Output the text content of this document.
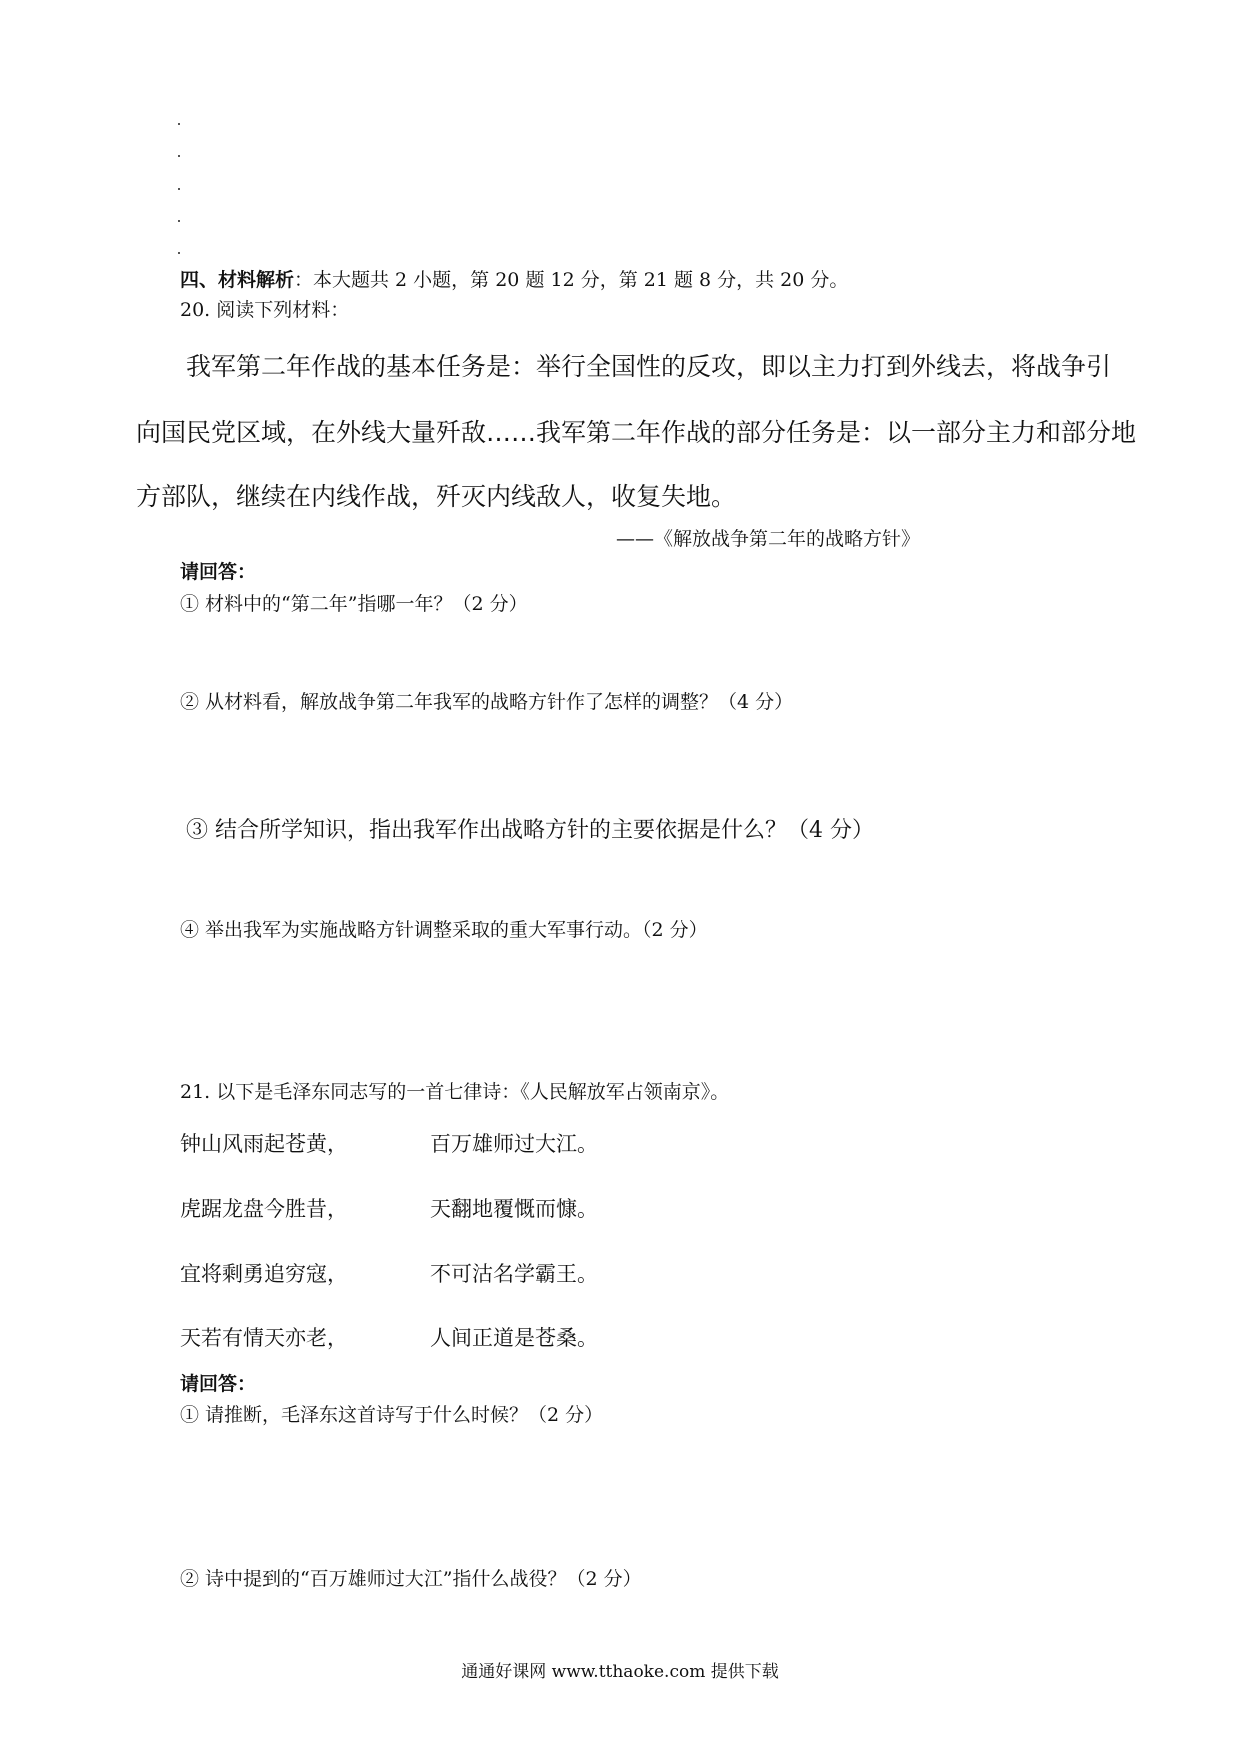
四、材料解析：本大题共 2 小题，第 20 题 12 分，第 21 题 8 分，共 20 分。
20. 阅读下列材料：
我军第二年作战的基本任务是：举行全国性的反攻，即以主力打到外线去，将战争引
向国民党区域，在外线大量歼敌……我军第二年作战的部分任务是：以一部分主力和部分地
方部队，继续在内线作战，歼灭内线敌人，收复失地。
——《解放战争第二年的战略方针》
请回答：
① 材料中的“第二年”指哪一年？（2 分）
② 从材料看，解放战争第二年我军的战略方针作了怎样的调整？（4 分）
③ 结合所学知识，指出我军作出战略方针的主要依据是什么？（4 分）
④ 举出我军为实施战略方针调整采取的重大军事行动。（2 分）
21. 以下是毛泽东同志写的一首七律诗：《人民解放军占领南京》。
钟山风雨起苍黄，	百万雄师过大江。
虎踞龙盘今胜昔，	天翻地覆慨而慷。
宜将剩勇追穷寇，	不可沽名学霸王。
天若有情天亦老，	人间正道是苍桑。
请回答：
① 请推断，毛泽东这首诗写于什么时候？（2 分）
② 诗中提到的“百万雄师过大江”指什么战役？（2 分）
通通好课网 www.tthaoke.com 提供下载
